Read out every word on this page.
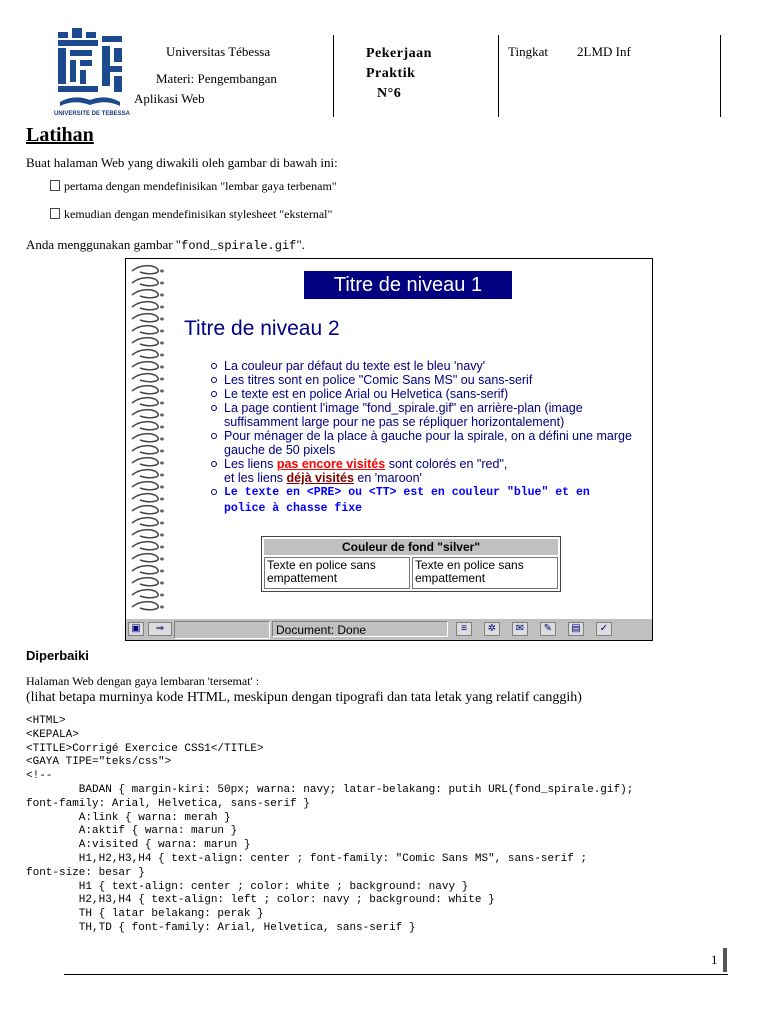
UNIVERSITE DE TEBESSA
Universitas Tébessa
Materi: Pengembangan
Aplikasi Web
Pekerjaan
Praktik
N°6
Tingkat 2LMD Inf
Latihan
Buat halaman Web yang diwakili oleh gambar di bawah ini:
pertama dengan mendefinisikan "lembar gaya terbenam"
kemudian dengan mendefinisikan stylesheet "eksternal"
Anda menggunakan gambar "fond_spirale.gif".
Titre de niveau 1
Titre de niveau 2
La couleur par défaut du texte est le bleu 'navy'
Les titres sont en police "Comic Sans MS" ou sans-serif
Le texte est en police Arial ou Helvetica (sans-serif)
La page contient l'image "fond_spirale.gif" en arrière-plan (image suffisamment large pour ne pas se répliquer horizontalement)
Pour ménager de la place à gauche pour la spirale, on a défini une marge gauche de 50 pixels
Les liens pas encore visités sont colorés en "red",
et les liens déjà visités en 'maroon'
Le texte en <PRE> ou <TT> est en couleur "blue" et en police à chasse fixe
Couleur de fond "silver"
Texte en police sans empattement	Texte en police sans empattement
▣	⇒	Document: Done	≡	✲	✉	✎	▤	✓
Diperbaiki
Halaman Web dengan gaya lembaran 'tersemat' :
(lihat betapa murninya kode HTML, meskipun dengan tipografi dan tata letak yang relatif canggih)
<HTML>
<KEPALA>
<TITLE>Corrigé Exercice CSS1</TITLE>
<GAYA TIPE="teks/css">
<!--
BADAN { margin-kiri: 50px; warna: navy; latar-belakang: putih URL(fond_spirale.gif);
font-family: Arial, Helvetica, sans-serif }
A:link { warna: merah }
A:aktif { warna: marun }
A:visited { warna: marun }
H1,H2,H3,H4 { text-align: center ; font-family: "Comic Sans MS", sans-serif ;
font-size: besar }
H1 { text-align: center ; color: white ; background: navy }
H2,H3,H4 { text-align: left ; color: navy ; background: white }
TH { latar belakang: perak }
TH,TD { font-family: Arial, Helvetica, sans-serif }

1
